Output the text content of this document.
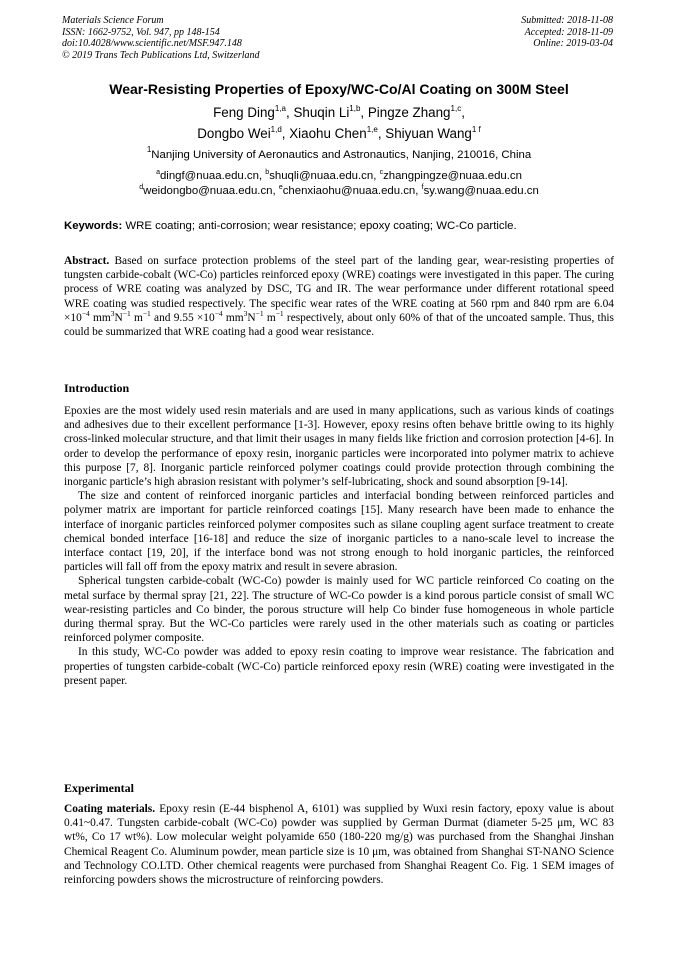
Materials Science Forum
ISSN: 1662-9752, Vol. 947, pp 148-154
doi:10.4028/www.scientific.net/MSF.947.148
© 2019 Trans Tech Publications Ltd, Switzerland
Submitted: 2018-11-08
Accepted: 2018-11-09
Online: 2019-03-04
Wear-Resisting Properties of Epoxy/WC-Co/Al Coating on 300M Steel
Feng Ding$^{1,a}$, Shuqin Li$^{1,b}$, Pingze Zhang$^{1,c}$,
Dongbo Wei$^{1,d}$, Xiaohu Chen$^{1,e}$, Shiyuan Wang$^{1 f}$
$^1$Nanjing University of Aeronautics and Astronautics, Nanjing, 210016, China
$^a$dingf@nuaa.edu.cn, $^b$shuqli@nuaa.edu.cn, $^c$zhangpingze@nuaa.edu.cn
$^d$weidongbo@nuaa.edu.cn, $^e$chenxiaohu@nuaa.edu.cn, $^f$sy.wang@nuaa.edu.cn
Keywords: WRE coating; anti-corrosion; wear resistance; epoxy coating; WC-Co particle.

Abstract. Based on surface protection problems of the steel part of the landing gear, wear-resisting properties of tungsten carbide-cobalt (WC-Co) particles reinforced epoxy (WRE) coatings were investigated in this paper. The curing process of WRE coating was analyzed by DSC, TG and IR. The wear performance under different rotational speed WRE coating was studied respectively. The specific wear rates of the WRE coating at 560 rpm and 840 rpm are $6.04 \times 10^{-4}$ $mm^3N^{-1}$ $m^{-1}$ and $9.55 \times 10^{-4}$ $mm^3N^{-1}$ $m^{-1}$ respectively, about only 60% of that of the uncoated sample. Thus, this could be summarized that WRE coating had a good wear resistance.

Introduction

Epoxies are the most widely used resin materials and are used in many applications, such as various kinds of coatings and adhesives due to their excellent performance [1-3]. However, epoxy resins often behave brittle owing to its highly cross-linked molecular structure, and that limit their usages in many fields like friction and corrosion protection [4-6]. In order to develop the performance of epoxy resin, inorganic particles were incorporated into polymer matrix to achieve this purpose [7, 8]. Inorganic particle reinforced polymer coatings could provide protection through combining the inorganic particle’s high abrasion resistant with polymer’s self-lubricating, shock and sound absorption [9-14].

The size and content of reinforced inorganic particles and interfacial bonding between reinforced particles and polymer matrix are important for particle reinforced coatings [15]. Many research have been made to enhance the interface of inorganic particles reinforced polymer composites such as silane coupling agent surface treatment to create chemical bonded interface [16-18] and reduce the size of inorganic particles to a nano-scale level to increase the interface contact [19, 20], if the interface bond was not strong enough to hold inorganic particles, the reinforced particles will fall off from the epoxy matrix and result in severe abrasion.

Spherical tungsten carbide-cobalt (WC-Co) powder is mainly used for WC particle reinforced Co coating on the metal surface by thermal spray [21, 22]. The structure of WC-Co powder is a kind porous particle consist of small WC wear-resisting particles and Co binder, the porous structure will help Co binder fuse homogeneous in whole particle during thermal spray. But the WC-Co particles were rarely used in the other materials such as coating or particles reinforced polymer composite.

In this study, WC-Co powder was added to epoxy resin coating to improve wear resistance. The fabrication and properties of tungsten carbide-cobalt (WC-Co) particle reinforced epoxy resin (WRE) coating were investigated in the present paper.

Experimental

Coating materials. Epoxy resin (E-44 bisphenol A, 6101) was supplied by Wuxi resin factory, epoxy value is about 0.41~0.47. Tungsten carbide-cobalt (WC-Co) powder was supplied by German Durmat (diameter 5-25 μm, WC 83 wt%, Co 17 wt%). Low molecular weight polyamide 650 (180-220 mg/g) was purchased from the Shanghai Jinshan Chemical Reagent Co. Aluminum powder, mean particle size is 10 μm, was obtained from Shanghai ST-NANO Science and Technology CO.LTD. Other chemical reagents were purchased from Shanghai Reagent Co. Fig. 1 SEM images of reinforcing powders shows the microstructure of reinforcing powders.
